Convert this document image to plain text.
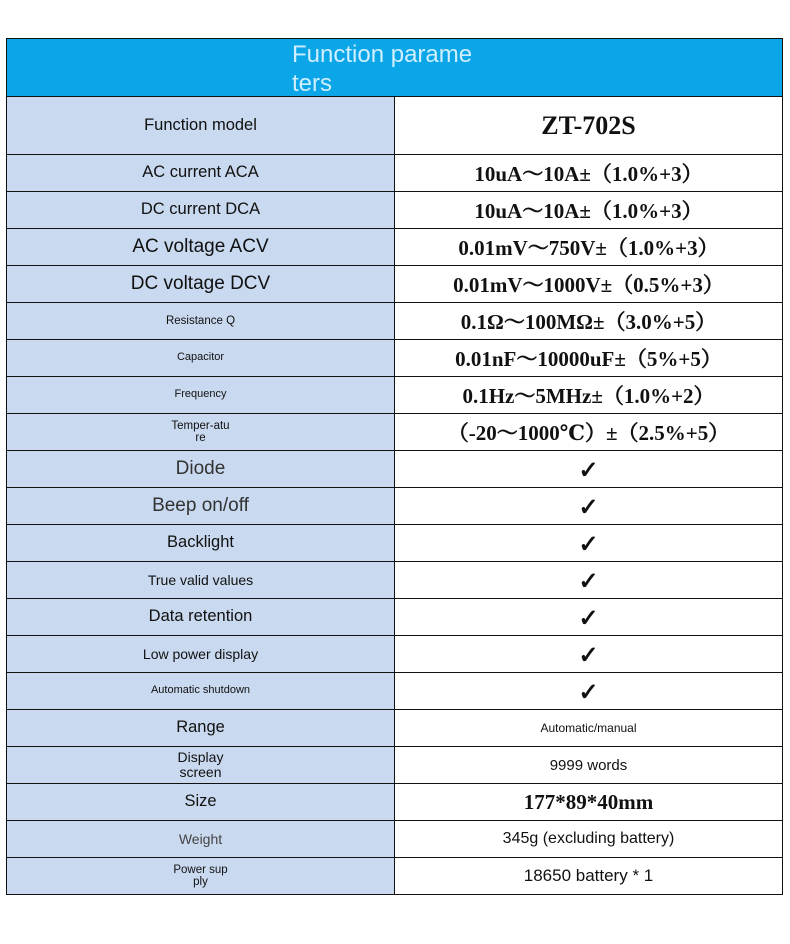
Function parameters	

Function model	ZT-702S
AC current ACA	10uA～10A±（1.0%+3）
DC current DCA	10uA～10A±（1.0%+3）
AC voltage ACV	0.01mV～750V±（1.0%+3）
DC voltage DCV	0.01mV～1000V±（0.5%+3）
Resistance Q	0.1Ω～100MΩ±（3.0%+5）
Capacitor	0.01nF～10000uF±（5%+5）
Frequency	0.1Hz～5MHz±（1.0%+2）
Temper-ature	（-20～1000℃）±（2.5%+5）
Diode	✓
Beep on/off	✓
Backlight	✓
True valid values	✓
Data retention	✓
Low power display	✓
Automatic shutdown	✓
Range	Automatic/manual
Display screen	9999 words
Size	177*89*40mm
Weight	345g (excluding battery)
Power supply	18650 battery * 1
